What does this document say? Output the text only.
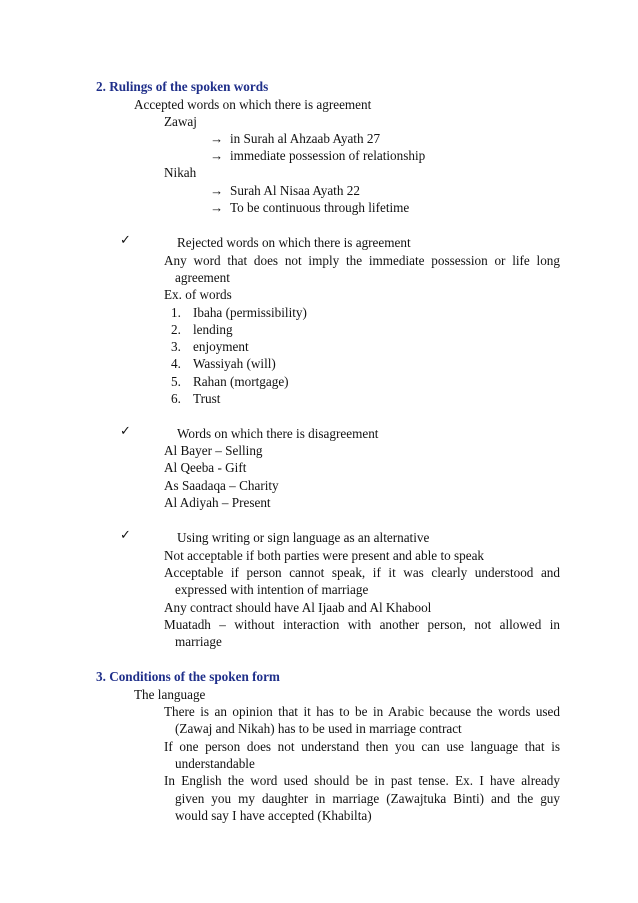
2. Rulings of the spoken words
Accepted words on which there is agreement
Zawaj
→ in Surah al Ahzaab Ayath 27
→ immediate possession of relationship
Nikah
→ Surah Al Nisaa Ayath 22
→ To be continuous through lifetime
✓	Rejected words on which there is agreement
Any word that does not imply the immediate possession or life long
agreement
Ex. of words
1. Ibaha (permissibility)
2. lending
3. enjoyment
4. Wassiyah (will)
5. Rahan (mortgage)
6. Trust
✓	Words on which there is disagreement
Al Bayer – Selling
Al Qeeba - Gift
As Saadaqa – Charity
Al Adiyah – Present
✓	Using writing or sign language as an alternative
Not acceptable if both parties were present and able to speak
Acceptable if person cannot speak, if it was clearly understood and
expressed with intention of marriage
Any contract should have Al Ijaab and Al Khabool
Muatadh – without interaction with another person, not allowed in
marriage
3. Conditions of the spoken form
The language
There is an opinion that it has to be in Arabic because the words used
(Zawaj and Nikah) has to be used in marriage contract
If one person does not understand then you can use language that is
understandable
In English the word used should be in past tense. Ex. I have already
given you my daughter in marriage (Zawajtuka Binti) and the guy
would say I have accepted (Khabilta)
